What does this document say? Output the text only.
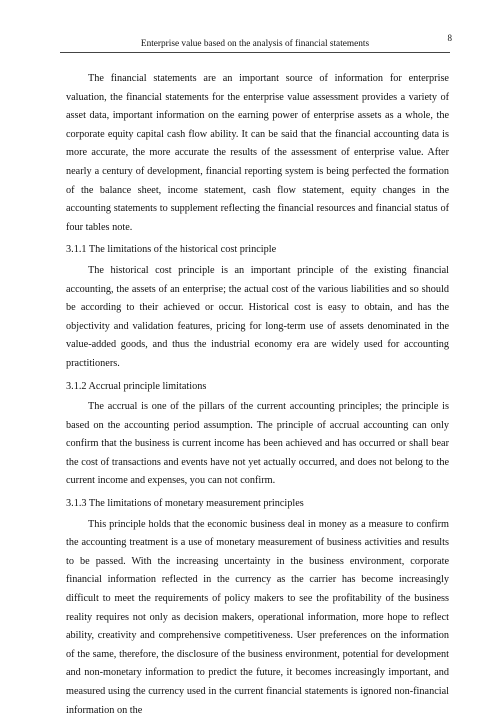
Enterprise value based on the analysis of financial statements
8

The financial statements are an important source of information for enterprise valuation, the financial statements for the enterprise value assessment provides a variety of asset data, important information on the earning power of enterprise assets as a whole, the corporate equity capital cash flow ability. It can be said that the financial accounting data is more accurate, the more accurate the results of the assessment of enterprise value. After nearly a century of development, financial reporting system is being perfected the formation of the balance sheet, income statement, cash flow statement, equity changes in the accounting statements to supplement reflecting the financial resources and financial status of four tables note.

3.1.1 The limitations of the historical cost principle

The historical cost principle is an important principle of the existing financial accounting, the assets of an enterprise; the actual cost of the various liabilities and so should be according to their achieved or occur. Historical cost is easy to obtain, and has the objectivity and validation features, pricing for long-term use of assets denominated in the value-added goods, and thus the industrial economy era are widely used for accounting practitioners.

3.1.2 Accrual principle limitations

The accrual is one of the pillars of the current accounting principles; the principle is based on the accounting period assumption. The principle of accrual accounting can only confirm that the business is current income has been achieved and has occurred or shall bear the cost of transactions and events have not yet actually occurred, and does not belong to the current income and expenses, you can not confirm.

3.1.3 The limitations of monetary measurement principles

This principle holds that the economic business deal in money as a measure to confirm the accounting treatment is a use of monetary measurement of business activities and results to be passed. With the increasing uncertainty in the business environment, corporate financial information reflected in the currency as the carrier has become increasingly difficult to meet the requirements of policy makers to see the profitability of the business reality requires not only as decision makers, operational information, more hope to reflect ability, creativity and comprehensive competitiveness. User preferences on the information of the same, therefore, the disclosure of the business environment, potential for development and non-monetary information to predict the future, it becomes increasingly important, and measured using the currency used in the current financial statements is ignored non-financial information on the
